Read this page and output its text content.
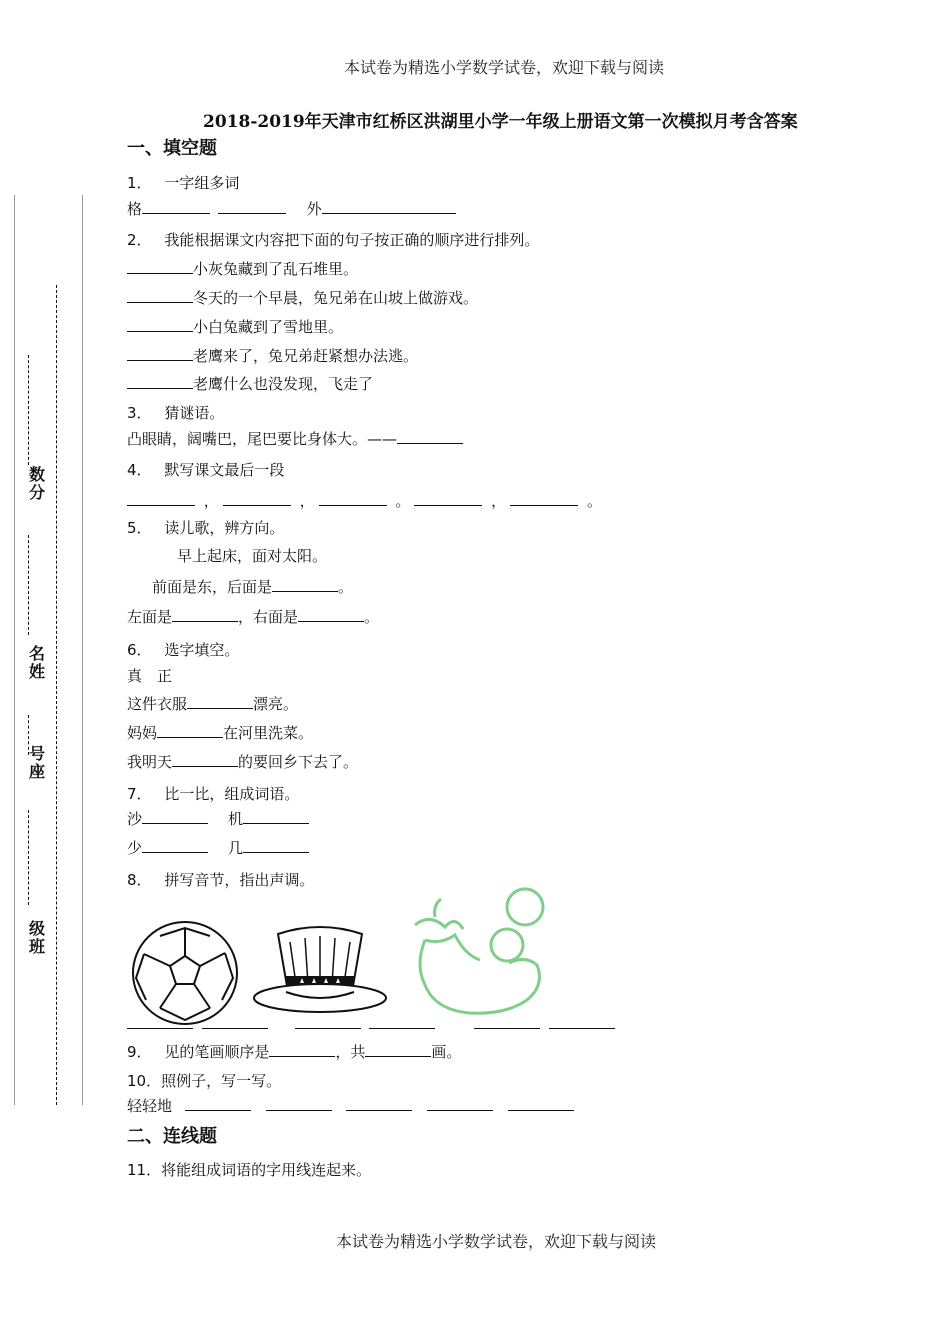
本试卷为精选小学数学试卷，欢迎下载与阅读
2018-2019年天津市红桥区洪湖里小学一年级上册语文第一次模拟月考含答案
数分
名姓
号座
级班
一、填空题
1． 一字组多词
格	外
2． 我能根据课文内容把下面的句子按正确的顺序进行排列。
小灰兔藏到了乱石堆里。
冬天的一个早晨，兔兄弟在山坡上做游戏。
小白兔藏到了雪地里。
老鹰来了，兔兄弟赶紧想办法逃。
老鹰什么也没发现，飞走了
3． 猜谜语。
凸眼睛，阔嘴巴，尾巴要比身体大。——
4． 默写课文最后一段
，	，	。	，	。
5． 读儿歌，辨方向。
早上起床，面对太阳。
前面是东，后面是	。
左面是	，右面是	。
6． 选字填空。
真　正
这件衣服	漂亮。
妈妈	在河里洗菜。
我明天	的要回乡下去了。
7． 比一比，组成词语。
沙	机
少	几
8． 拼写音节，指出声调。

9． 见的笔画顺序是	，共	画。
10．照例子，写一写。
轻轻地
二、连线题
11．将能组成词语的字用线连起来。
本试卷为精选小学数学试卷，欢迎下载与阅读
